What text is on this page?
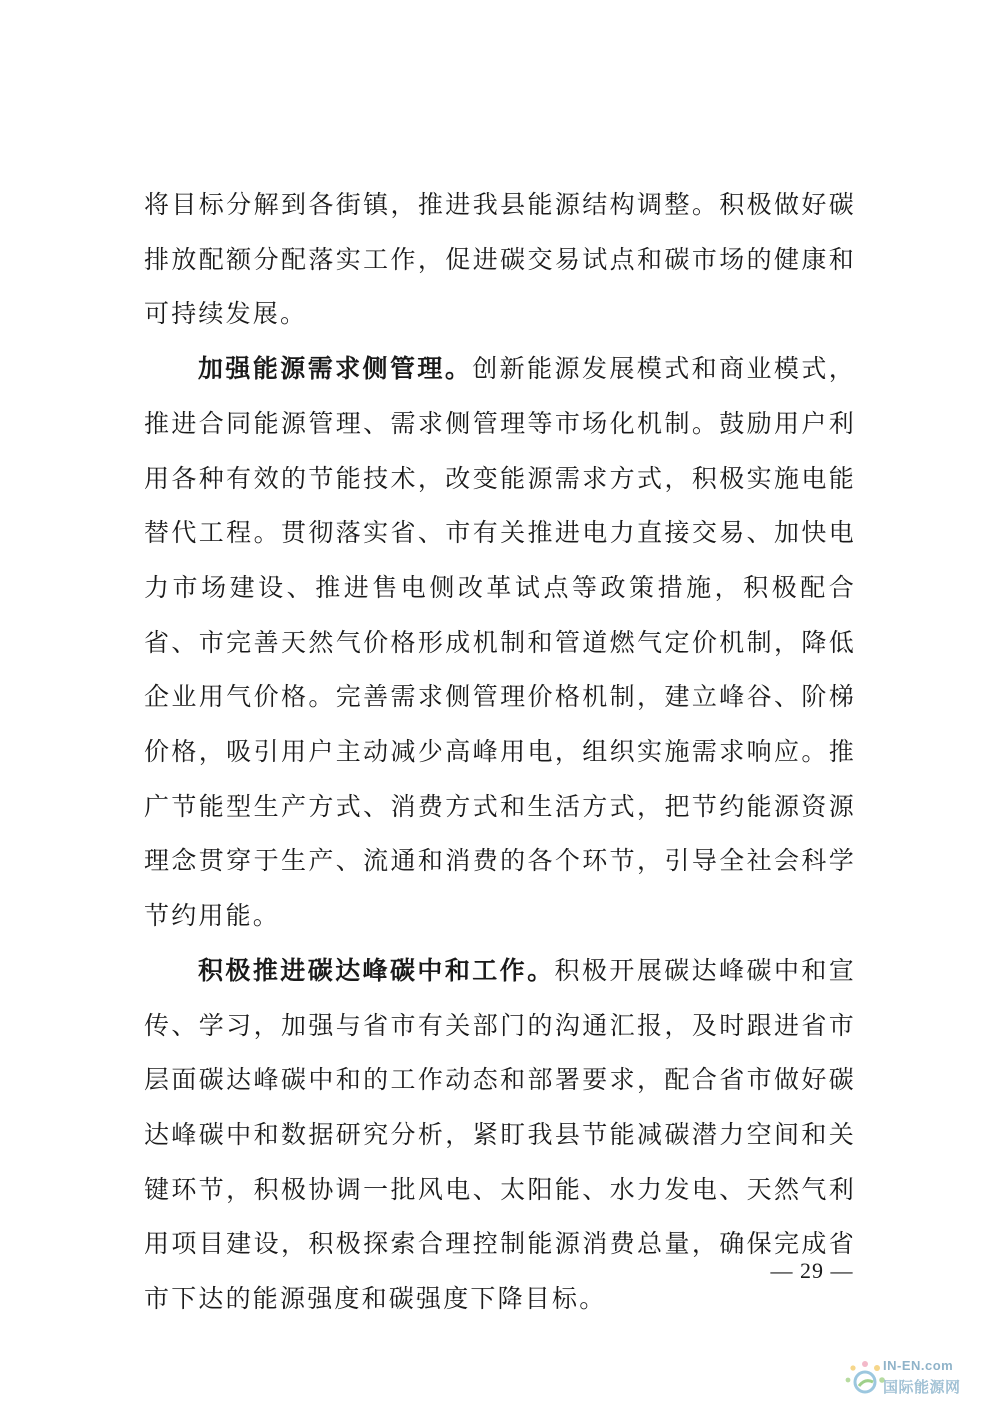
将目标分解到各街镇，推进我县能源结构调整。积极做好碳排放配额分配落实工作，促进碳交易试点和碳市场的健康和可持续发展。

加强能源需求侧管理。创新能源发展模式和商业模式，推进合同能源管理、需求侧管理等市场化机制。鼓励用户利用各种有效的节能技术，改变能源需求方式，积极实施电能替代工程。贯彻落实省、市有关推进电力直接交易、加快电力市场建设、推进售电侧改革试点等政策措施，积极配合省、市完善天然气价格形成机制和管道燃气定价机制，降低企业用气价格。完善需求侧管理价格机制，建立峰谷、阶梯价格，吸引用户主动减少高峰用电，组织实施需求响应。推广节能型生产方式、消费方式和生活方式，把节约能源资源理念贯穿于生产、流通和消费的各个环节，引导全社会科学节约用能。

积极推进碳达峰碳中和工作。积极开展碳达峰碳中和宣传、学习，加强与省市有关部门的沟通汇报，及时跟进省市层面碳达峰碳中和的工作动态和部署要求，配合省市做好碳达峰碳中和数据研究分析，紧盯我县节能减碳潜力空间和关键环节，积极协调一批风电、太阳能、水力发电、天然气利用项目建设，积极探索合理控制能源消费总量，确保完成省市下达的能源强度和碳强度下降目标。

— 29 —
IN-EN.com
国际能源网
